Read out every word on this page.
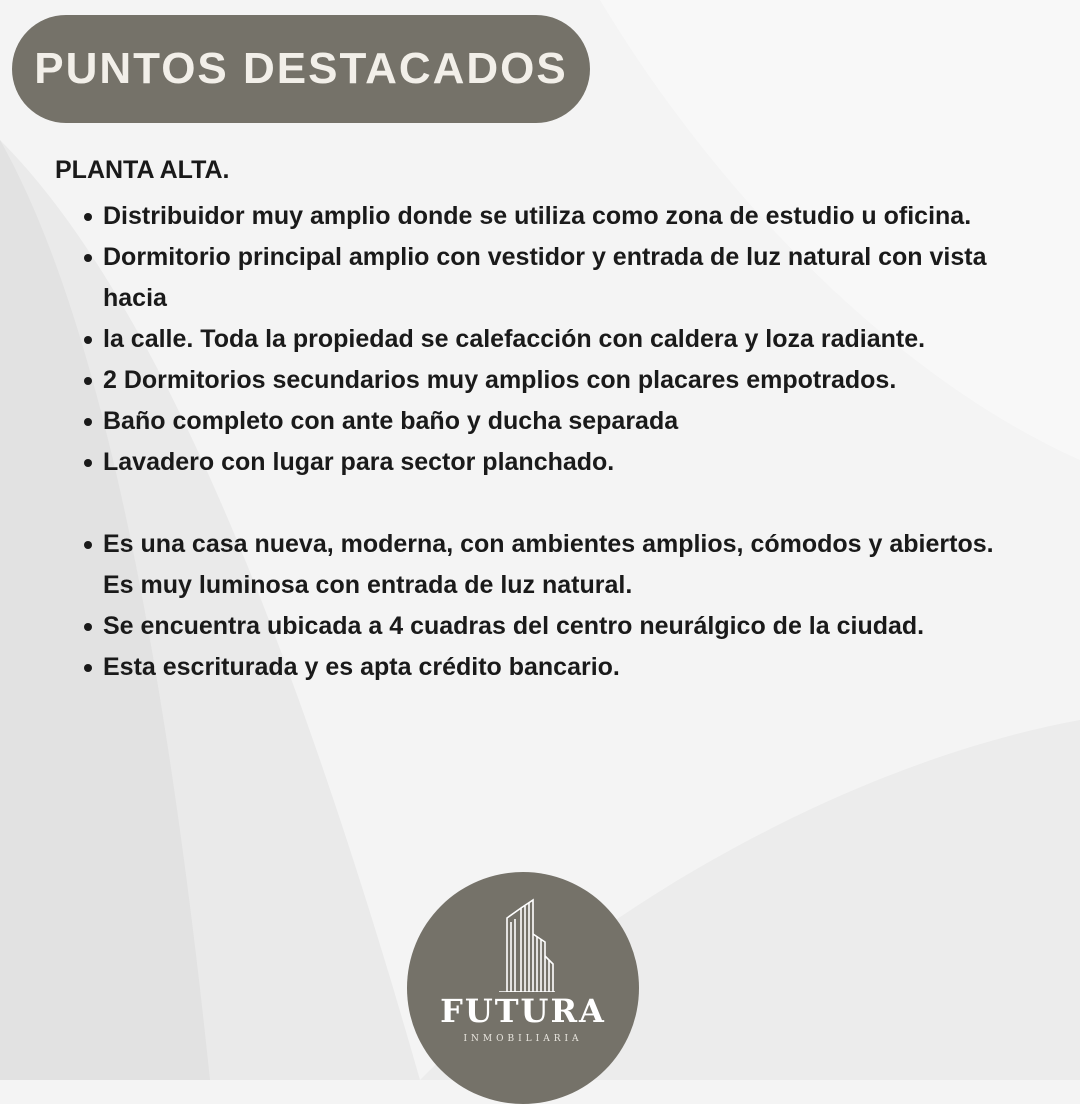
PUNTOS DESTACADOS
PLANTA ALTA.
Distribuidor muy amplio donde se utiliza como zona de estudio u oficina.
Dormitorio principal amplio con vestidor y entrada de luz natural con vista hacia
la calle. Toda la propiedad se calefacción con caldera y loza radiante.
2 Dormitorios secundarios muy amplios con placares empotrados.
Baño completo con ante baño y ducha separada
Lavadero con lugar para sector planchado.
Es una casa nueva, moderna, con ambientes amplios, cómodos y abiertos. Es muy luminosa con entrada de luz natural.
Se encuentra ubicada a 4 cuadras del centro neurálgico de la ciudad.
Esta escriturada y es apta crédito bancario.
FUTURA
INMOBILIARIA
